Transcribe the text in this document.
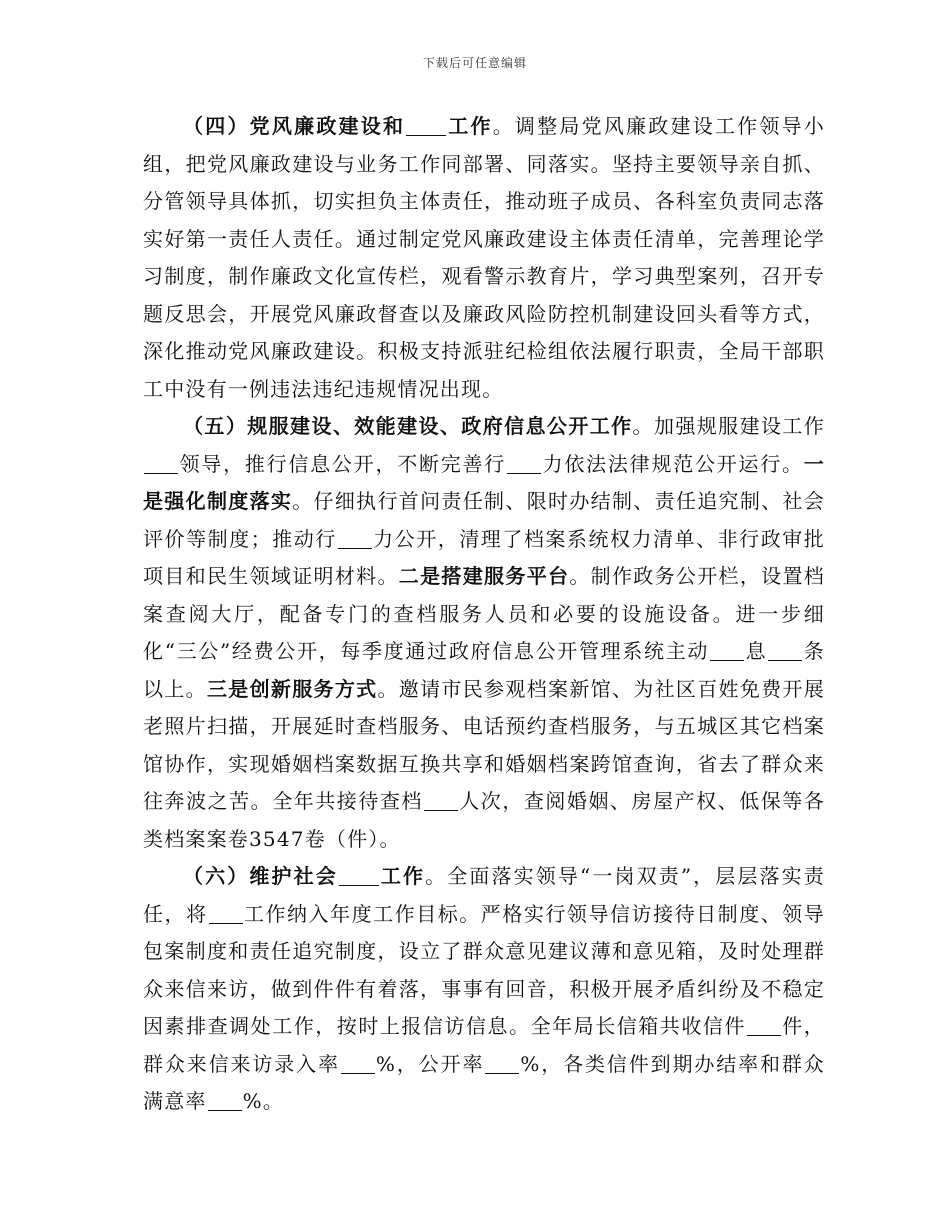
下载后可任意编辑

（四）党风廉政建设和 工作。调整局党风廉政建设工作领导小组，把党风廉政建设与业务工作同部署、同落实。坚持主要领导亲自抓、分管领导具体抓，切实担负主体责任，推动班子成员、各科室负责同志落实好第一责任人责任。通过制定党风廉政建设主体责任清单，完善理论学习制度，制作廉政文化宣传栏，观看警示教育片，学习典型案列，召开专题反思会，开展党风廉政督查以及廉政风险防控机制建设回头看等方式，深化推动党风廉政建设。积极支持派驻纪检组依法履行职责，全局干部职工中没有一例违法违纪违规情况出现。

（五）规服建设、效能建设、政府信息公开工作。加强规服建设工作领导，推行信息公开，不断完善行 力依法法律规范公开运行。一是强化制度落实。仔细执行首问责任制、限时办结制、责任追究制、社会评价等制度；推动行 力公开，清理了档案系统权力清单、非行政审批项目和民生领域证明材料。二是搭建服务平台。制作政务公开栏，设置档案查阅大厅，配备专门的查档服务人员和必要的设施设备。进一步细化“三公”经费公开，每季度通过政府信息公开管理系统主动 息 条以上。三是创新服务方式。邀请市民参观档案新馆、为社区百姓免费开展老照片扫描，开展延时查档服务、电话预约查档服务，与五城区其它档案馆协作，实现婚姻档案数据互换共享和婚姻档案跨馆查询，省去了群众来往奔波之苦。全年共接待查档 人次，查阅婚姻、房屋产权、低保等各类档案案卷3547卷（件）。

（六）维护社会 工作。全面落实领导“一岗双责”，层层落实责任，将 工作纳入年度工作目标。严格实行领导信访接待日制度、领导包案制度和责任追究制度，设立了群众意见建议薄和意见箱，及时处理群众来信来访，做到件件有着落，事事有回音，积极开展矛盾纠纷及不稳定因素排查调处工作，按时上报信访信息。全年局长信箱共收信件 件，群众来信来访录入率 %，公开率 %，各类信件到期办结率和群众满意率 %。
